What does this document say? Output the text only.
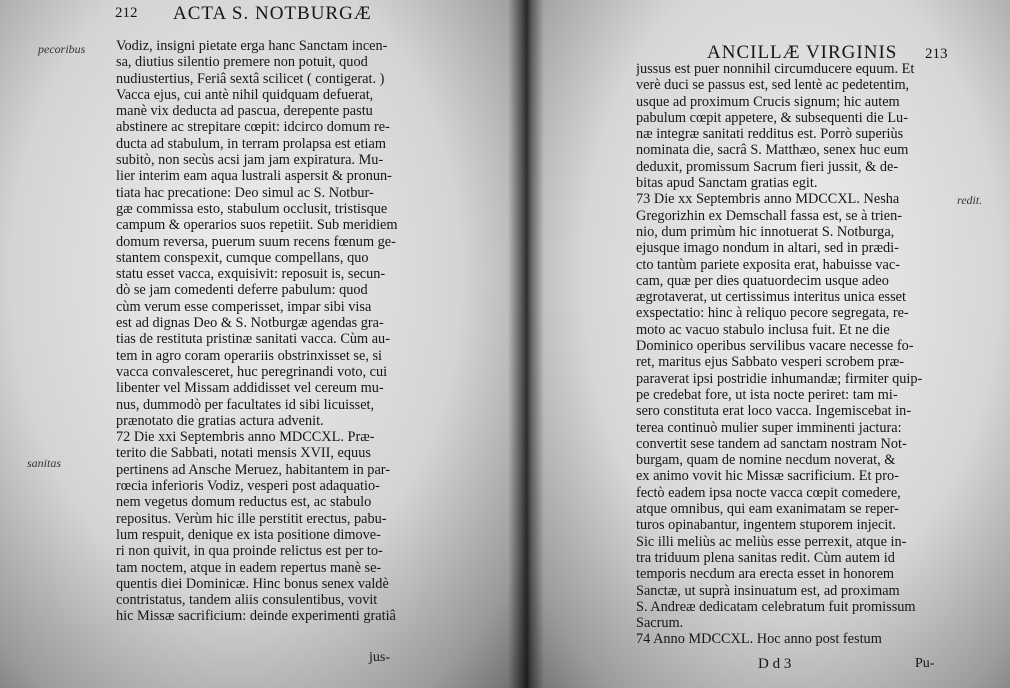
212 ACTA S. NOTBURGÆ
pecoribus
sanitas
Vodiz, insigni pietate erga hanc Sanctam incen-
sa, diutius silentio premere non potuit, quod
nudiustertius, Feriâ sextâ scilicet ( contigerat. )
Vacca ejus, cui antè nihil quidquam defuerat,
manè vix deducta ad pascua, derepente pastu
abstinere ac strepitare cœpit: idcirco domum re-
ducta ad stabulum, in terram prolapsa est etiam
subitò, non secùs acsi jam jam expiratura. Mu-
lier interim eam aqua lustrali aspersit & pronun-
tiata hac precatione: Deo simul ac S. Notbur-
gæ commissa esto, stabulum occlusit, tristisque
campum & operarios suos repetiit. Sub meridiem
domum reversa, puerum suum recens fœnum ge-
stantem conspexit, cumque compellans, quo
statu esset vacca, exquisivit: reposuit is, secun-
dò se jam comedenti deferre pabulum: quod
cùm verum esse comperisset, impar sibi visa
est ad dignas Deo & S. Notburgæ agendas gra-
tias de restituta pristinæ sanitati vacca. Cùm au-
tem in agro coram operariis obstrinxisset se, si
vacca convalesceret, huc peregrinandi voto, cui
libenter vel Missam addidisset vel cereum mu-
nus, dummodò per facultates id sibi licuisset,
prænotato die gratias actura advenit.
72 Die xxi Septembris anno MDCCXL. Præ-
terito die Sabbati, notati mensis XVII, equus
pertinens ad Ansche Meruez, habitantem in par-
rœcia inferioris Vodiz, vesperi post adaquatio-
nem vegetus domum reductus est, ac stabulo
repositus. Verùm hic ille perstitit erectus, pabu-
lum respuit, denique ex ista positione dimove-
ri non quivit, in qua proinde relictus est per to-
tam noctem, atque in eadem repertus manè se-
quentis diei Dominicæ. Hinc bonus senex valdè
contristatus, tandem aliis consulentibus, vovit
hic Missæ sacrificium: deinde experimenti gratiâ
jus-
ANCILLÆ VIRGINIS 213
redit.
jussus est puer nonnihil circumducere equum. Et
verè duci se passus est, sed lentè ac pedetentim,
usque ad proximum Crucis signum; hic autem
pabulum cœpit appetere, & subsequenti die Lu-
næ integræ sanitati redditus est. Porrò superiùs
nominata die, sacrâ S. Matthæo, senex huc eum
deduxit, promissum Sacrum fieri jussit, & de-
bitas apud Sanctam gratias egit.
73 Die xx Septembris anno MDCCXL. Nesha
Gregorizhin ex Demschall fassa est, se à trien-
nio, dum primùm hic innotuerat S. Notburga,
ejusque imago nondum in altari, sed in prædi-
cto tantùm pariete exposita erat, habuisse vac-
cam, quæ per dies quatuordecim usque adeo
ægrotaverat, ut certissimus interitus unica esset
exspectatio: hinc à reliquo pecore segregata, re-
moto ac vacuo stabulo inclusa fuit. Et ne die
Dominico operibus servilibus vacare necesse fo-
ret, maritus ejus Sabbato vesperi scrobem præ-
paraverat ipsi postridie inhumandæ; firmiter quip-
pe credebat fore, ut ista nocte periret: tam mi-
sero constituta erat loco vacca. Ingemiscebat in-
terea continuò mulier super imminenti jactura:
convertit sese tandem ad sanctam nostram Not-
burgam, quam de nomine necdum noverat, &
ex animo vovit hic Missæ sacrificium. Et pro-
fectò eadem ipsa nocte vacca cœpit comedere,
atque omnibus, qui eam exanimatam se reper-
turos opinabantur, ingentem stuporem injecit.
Sic illi meliùs ac meliùs esse perrexit, atque in-
tra triduum plena sanitas redit. Cùm autem id
temporis necdum ara erecta esset in honorem
Sanctæ, ut suprà insinuatum est, ad proximam
S. Andreæ dedicatam celebratum fuit promissum
Sacrum.
74 Anno MDCCXL. Hoc anno post festum
D d 3	Pu-
